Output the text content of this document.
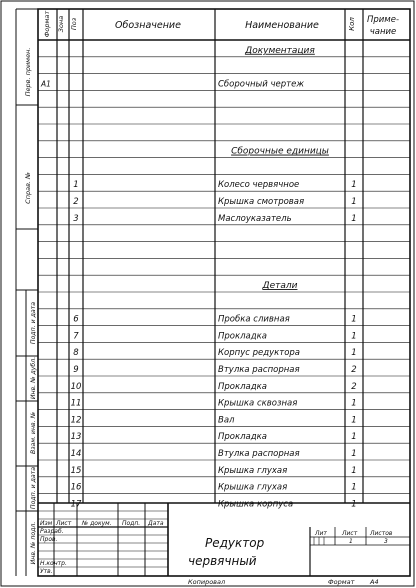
Перв. примен.
Справ. №
Подп. и дата
Инв. № дубл.
Взам. инв. №
Подп. и дата
Инв. № подл.
Формат Зона Поз	Обозначение	Наименование	Кол Приме-
чание
Документация
А1	Сборочный чертеж
Сборочные единицы
1	Колесо червячное	1
2	Крышка смотровая	1
3	Маслоуказатель	1
Детали
6	Пробка сливная	1
7	Прокладка	1
8	Корпус редуктора	1
9	Втулка распорная	2
10	Прокладка	2
11	Крышка сквозная	1
12	Вал	1
13	Прокладка	1
14	Втулка распорная	1
15	Крышка глухая	1
16	Крышка глухая	1
17	Крышка корпуса	1
Изм Лист № докум. Подп. Дата
Разраб.
Пров.
Н.контр.
Утв.
Редуктор
червячный
Лит	Лист Листов
1	3
Копировал	Формат А4
